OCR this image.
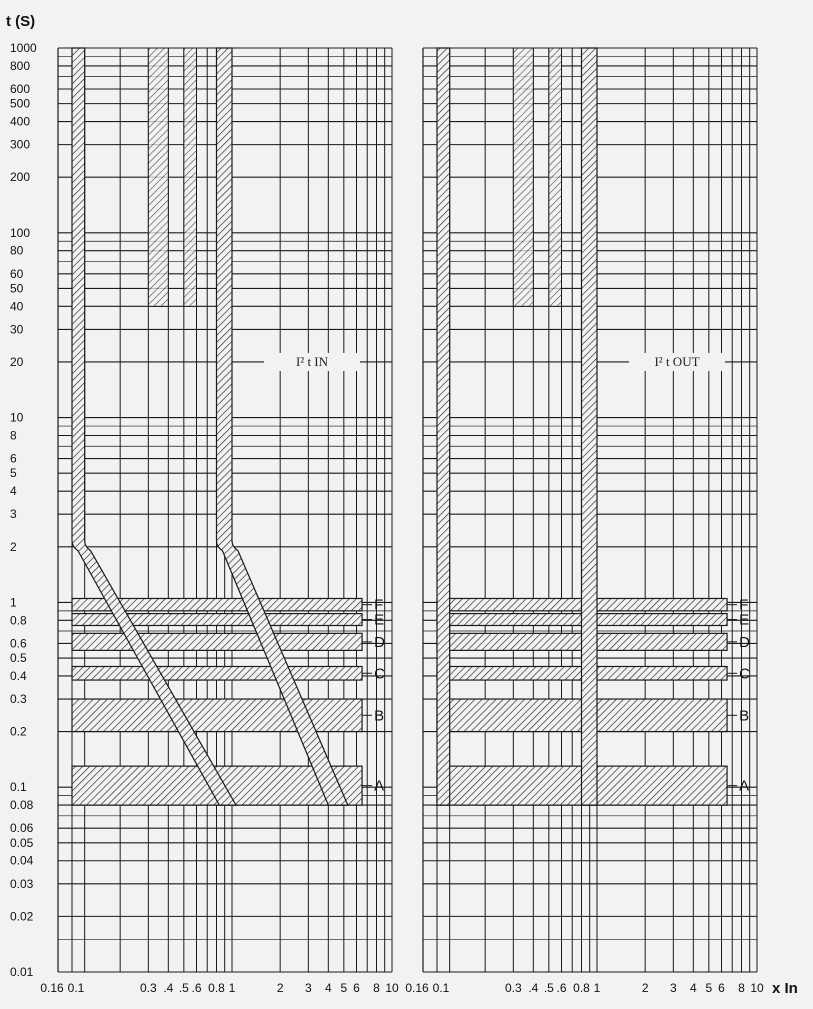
F
E
D
C
B
A
I² t IN
0.16 0.1	0.3 .4 .5 .6 0.8 1	2 3 4 5 6 8 10
F
E
D
C
B
A
I² t OUT
0.16 0.1	0.3 .4 .5 .6 0.8 1	2 3 4 5 6 8 10
1000
800
600
500
400
300
200
100
80
60
50
40
30
20
10
8
6
5
4
3
2
1
0.8
0.6
0.5
0.4
0.3
0.2
0.1
0.08
0.06
0.05
0.04
0.03
0.02
0.01
t (S)
x In
